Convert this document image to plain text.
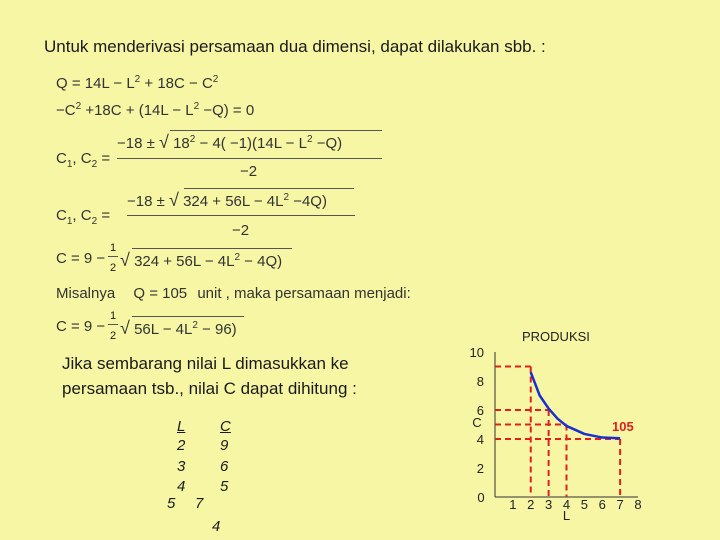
Untuk menderivasi persamaan dua dimensi, dapat dilakukan sbb. :
$Q = 14L - L^2 + 18C - C^2$
$-C^2 +18C + (14L - L^2 -Q) = 0$
$C_1$, $C_2$ =
−18 ± √ $18^2 - 4( -1)(14L - L^2 -Q)$
−2
$C_1$, $C_2$ =
−18 ± √ $324 + 56L - 4L^2 -4Q$)
−2
C = 9 −
1
2 √ $324 + 56L - 4L^2 - 4Q$)
Misalnya Q = 105 unit , maka persamaan menjadi:
C = 9 −
1
2 √ $56L - 4L^2 - 96$)
Jika sembarang nilai L dimasukkan ke persamaan tsb., nilai C dapat dihitung :
L C
2 9
3 6
4 5
5 7
4
PRODUKSI
10
8
6
4
2
0 1 2 3 4 5 6 7 8
C
L
105
